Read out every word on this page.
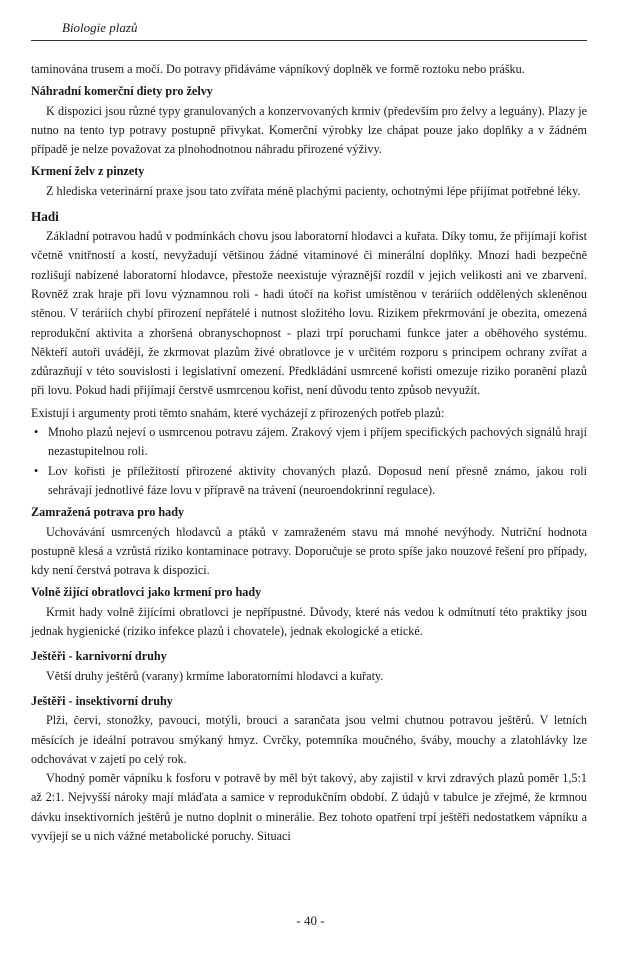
Biologie plazů

taminována trusem a močí. Do potravy přidáváme vápníkový doplněk ve formě roztoku nebo prášku.

Náhradní komerční diety pro želvy

K dispozici jsou různé typy granulovaných a konzervovaných krmiv (především pro želvy a leguány). Plazy je nutno na tento typ potravy postupně přivykat. Komerční výrobky lze chápat pouze jako doplňky a v žádném případě je nelze považovat za plnohodnotnou náhradu přirozené výživy.

Krmení želv z pinzety

Z hlediska veterinární praxe jsou tato zvířata méně plachými pacienty, ochotnými lépe přijímat potřebné léky.

Hadi

Základní potravou hadů v podmínkách chovu jsou laboratorní hlodavci a kuřata. Díky tomu, že přijímají kořist včetně vnitřností a kostí, nevyžadují většinou žádné vitaminové či minerální doplňky. Mnozí hadi bezpečně rozlišují nabízené laboratorní hlodavce, přestože neexistuje výraznější rozdíl v jejich velikosti ani ve zbarvení. Rovněž zrak hraje při lovu významnou roli - hadi útočí na kořist umístěnou v teráriích oddělených skleněnou stěnou. V teráriích chybí přirození nepřátelé i nutnost složitého lovu. Rizikem překrmování je obezita, omezená reprodukční aktivita a zhoršená obranyschopnost - plazi trpí poruchami funkce jater a oběhového systému. Někteří autoři uvádějí, že zkrmovat plazům živé obratlovce je v určitém rozporu s principem ochrany zvířat a zdůrazňují v této souvislosti i legislativní omezení. Předkládání usmrcené kořisti omezuje riziko poranění plazů při lovu. Pokud hadi přijímají čerstvě usmrcenou kořist, není důvodu tento způsob nevyužít.

Existují i argumenty proti těmto snahám, které vycházejí z přirozených potřeb plazů:

• Mnoho plazů nejeví o usmrcenou potravu zájem. Zrakový vjem i příjem specifických pachových signálů hrají nezastupitelnou roli.
• Lov kořisti je příležitostí přirozené aktivity chovaných plazů. Doposud není přesně známo, jakou roli sehrávají jednotlivé fáze lovu v přípravě na trávení (neuroendokrinní regulace).
Zamražená potrava pro hady

Uchovávání usmrcených hlodavců a ptáků v zamraženém stavu má mnohé nevýhody. Nutriční hodnota postupně klesá a vzrůstá riziko kontaminace potravy. Doporučuje se proto spíše jako nouzové řešení pro případy, kdy není čerstvá potrava k dispozici.

Volně žijící obratlovci jako krmení pro hady

Krmit hady volně žijícími obratlovci je nepřípustné. Důvody, které nás vedou k odmítnutí této praktiky jsou jednak hygienické (riziko infekce plazů i chovatele), jednak ekologické a etické.

Ještěři - karnivorní druhy

Větší druhy ještěrů (varany) krmíme laboratorními hlodavci a kuřaty.

Ještěři - insektivorní druhy

Plži, červi, stonožky, pavouci, motýli, brouci a sarančata jsou velmi chutnou potravou ještěrů. V letních měsících je ideální potravou smýkaný hmyz. Cvrčky, potemníka moučného, šváby, mouchy a zlatohlávky lze odchovávat v zajetí po celý rok.

Vhodný poměr vápníku k fosforu v potravě by měl být takový, aby zajistil v krvi zdravých plazů poměr 1,5:1 až 2:1. Nejvyšší nároky mají mláďata a samice v reprodukčním období. Z údajů v tabulce je zřejmé, že krmnou dávku insektivorních ještěrů je nutno doplnit o minerálie. Bez tohoto opatření trpí ještěři nedostatkem vápníku a vyvíjejí se u nich vážné metabolické poruchy. Situaci

- 40 -
